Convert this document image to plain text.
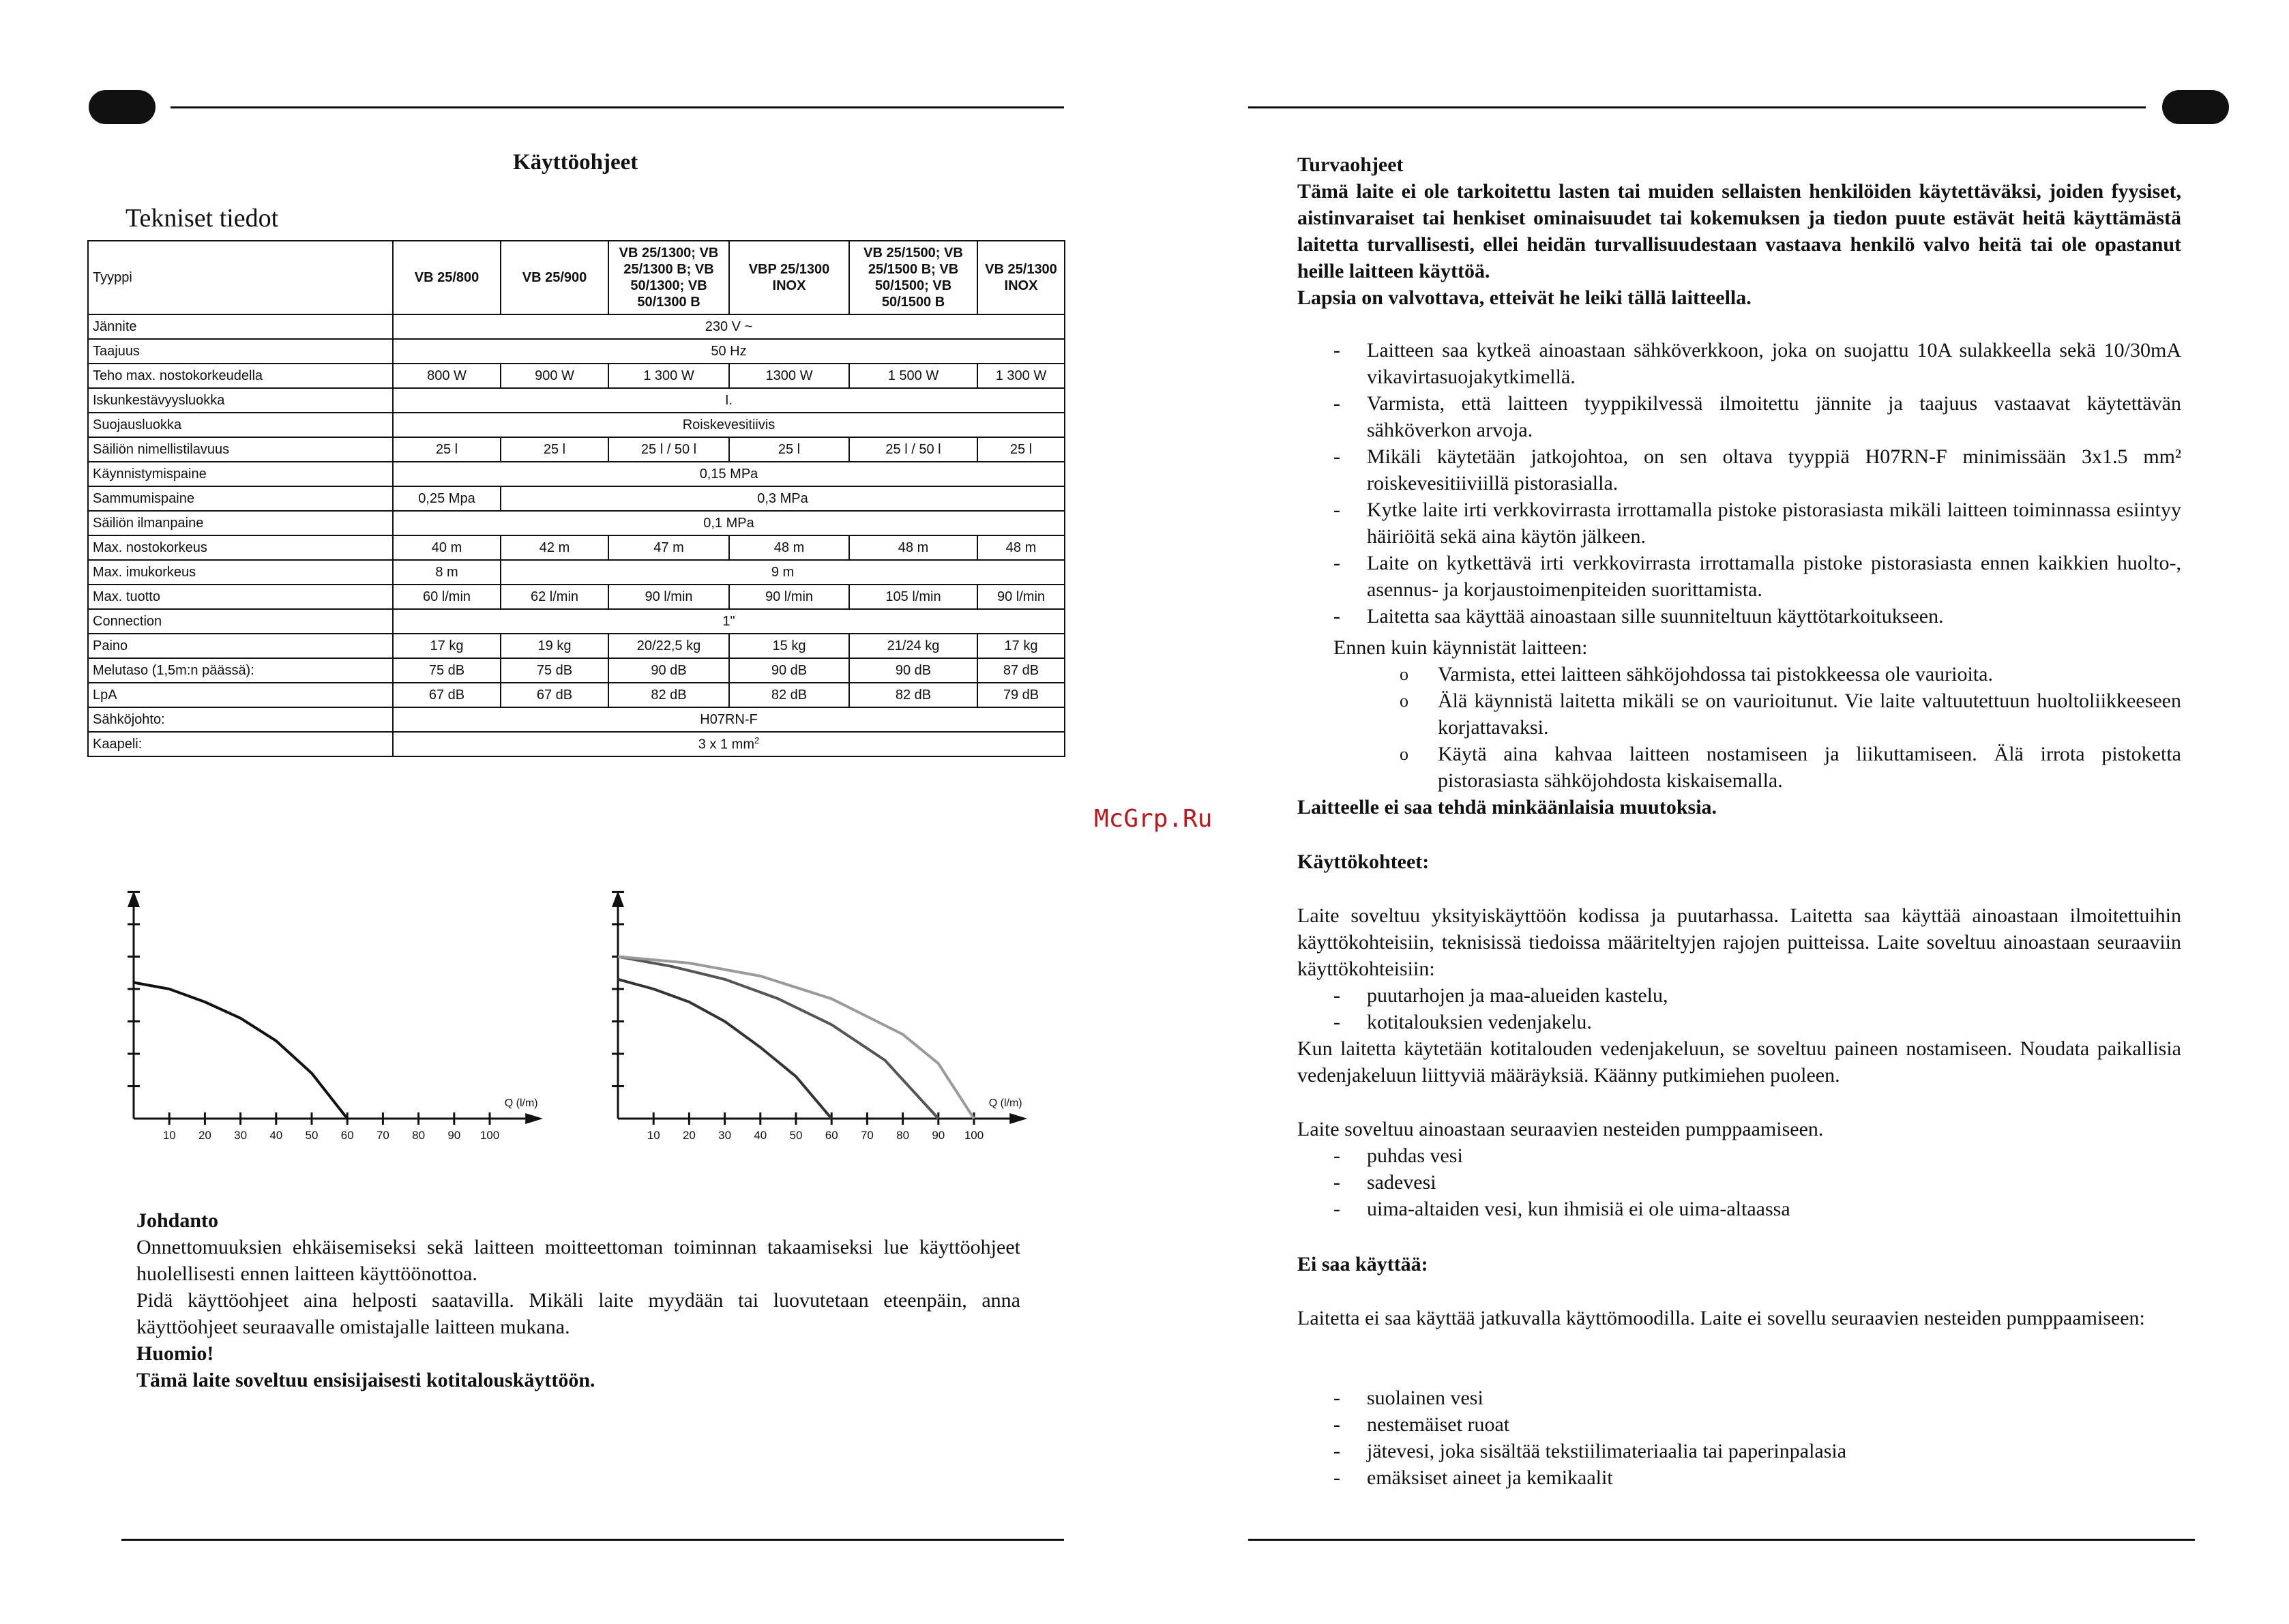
Käyttöohjeet
Tekniset tiedot
Tyyppi	VB 25/800	VB 25/900	VB 25/1300; VB 25/1300 B; VB 50/1300; VB 50/1300 B	VBP 25/1300 INOX	VB 25/1500; VB 25/1500 B; VB 50/1500; VB 50/1500 B	VB 25/1300 INOX
Jännite	230 V ~					
Taajuus	50 Hz					
Teho max. nostokorkeudella	800 W	900 W	1 300 W	1300 W	1 500 W	1 300 W
Iskunkestävyysluokka	I.					
Suojausluokka	Roiskevesitiivis					
Säiliön nimellistilavuus	25 l	25 l	25 l / 50 l	25 l	25 l / 50 l	25 l
Käynnistymispaine	0,15 MPa					
Sammumispaine	0,25 Mpa	0,3 MPa				
Säiliön ilmanpaine	0,1 MPa					
Max. nostokorkeus	40 m	42 m	47 m	48 m	48 m	48 m
Max. imukorkeus	8 m	9 m				
Max. tuotto	60 l/min	62 l/min	90 l/min	90 l/min	105 l/min	90 l/min
Connection	1"					
Paino	17 kg	19 kg	20/22,5 kg	15 kg	21/24 kg	17 kg
Melutaso (1,5m:n päässä):	75 dB	75 dB	90 dB	90 dB	90 dB	87 dB
LpA	67 dB	67 dB	82 dB	82 dB	82 dB	79 dB
Sähköjohto:	H07RN-F					
Kaapeli:	3 x 1 $mm^2$
10 20 30 40 50 60 70 80 90 100
Q (l/m)
10 20 30 40 50 60 70 80 90 100
Q (l/m)
McGrp.Ru
Johdanto
Onnettomuuksien ehkäisemiseksi sekä laitteen moitteettoman toiminnan takaamiseksi lue käyttöohjeet huolellisesti ennen laitteen käyttöönottoa.
Pidä käyttöohjeet aina helposti saatavilla. Mikäli laite myydään tai luovutetaan eteenpäin, anna käyttöohjeet seuraavalle omistajalle laitteen mukana.
Huomio!
Tämä laite soveltuu ensisijaisesti kotitalouskäyttöön.
Turvaohjeet
Tämä laite ei ole tarkoitettu lasten tai muiden sellaisten henkilöiden käytettäväksi, joiden fyysiset, aistinvaraiset tai henkiset ominaisuudet tai kokemuksen ja tiedon puute estävät heitä käyttämästä laitetta turvallisesti, ellei heidän turvallisuudestaan vastaava henkilö valvo heitä tai ole opastanut heille laitteen käyttöä.
Lapsia on valvottava, etteivät he leiki tällä laitteella.
- Laitteen saa kytkeä ainoastaan sähköverkkoon, joka on suojattu 10A sulakkeella sekä 10/30mA vikavirtasuojakytkimellä.
- Varmista, että laitteen tyyppikilvessä ilmoitettu jännite ja taajuus vastaavat käytettävän sähköverkon arvoja.
- Mikäli käytetään jatkojohtoa, on sen oltava tyyppiä H07RN-F minimissään 3x1.5 mm² roiskevesitiiviillä pistorasialla.
- Kytke laite irti verkkovirrasta irrottamalla pistoke pistorasiasta mikäli laitteen toiminnassa esiintyy häiriöitä sekä aina käytön jälkeen.
- Laite on kytkettävä irti verkkovirrasta irrottamalla pistoke pistorasiasta ennen kaikkien huolto-, asennus- ja korjaustoimenpiteiden suorittamista.
- Laitetta saa käyttää ainoastaan sille suunniteltuun käyttötarkoitukseen.
Ennen kuin käynnistät laitteen:
o Varmista, ettei laitteen sähköjohdossa tai pistokkeessa ole vaurioita.
o Älä käynnistä laitetta mikäli se on vaurioitunut. Vie laite valtuutettuun huoltoliikkeeseen korjattavaksi.
o Käytä aina kahvaa laitteen nostamiseen ja liikuttamiseen. Älä irrota pistoketta pistorasiasta sähköjohdosta kiskaisemalla.
Laitteelle ei saa tehdä minkäänlaisia muutoksia.
Käyttökohteet:
Laite soveltuu yksityiskäyttöön kodissa ja puutarhassa. Laitetta saa käyttää ainoastaan ilmoitettuihin käyttökohteisiin, teknisissä tiedoissa määriteltyjen rajojen puitteissa. Laite soveltuu ainoastaan seuraaviin käyttökohteisiin:
- puutarhojen ja maa-alueiden kastelu,
- kotitalouksien vedenjakelu.
Kun laitetta käytetään kotitalouden vedenjakeluun, se soveltuu paineen nostamiseen. Noudata paikallisia vedenjakeluun liittyviä määräyksiä. Käänny putkimiehen puoleen.
Laite soveltuu ainoastaan seuraavien nesteiden pumppaamiseen.
- puhdas vesi
- sadevesi
- uima-altaiden vesi, kun ihmisiä ei ole uima-altaassa
Ei saa käyttää:
Laitetta ei saa käyttää jatkuvalla käyttömoodilla. Laite ei sovellu seuraavien nesteiden pumppaamiseen:
- suolainen vesi
- nestemäiset ruoat
- jätevesi, joka sisältää tekstiilimateriaalia tai paperinpalasia
- emäksiset aineet ja kemikaalit
